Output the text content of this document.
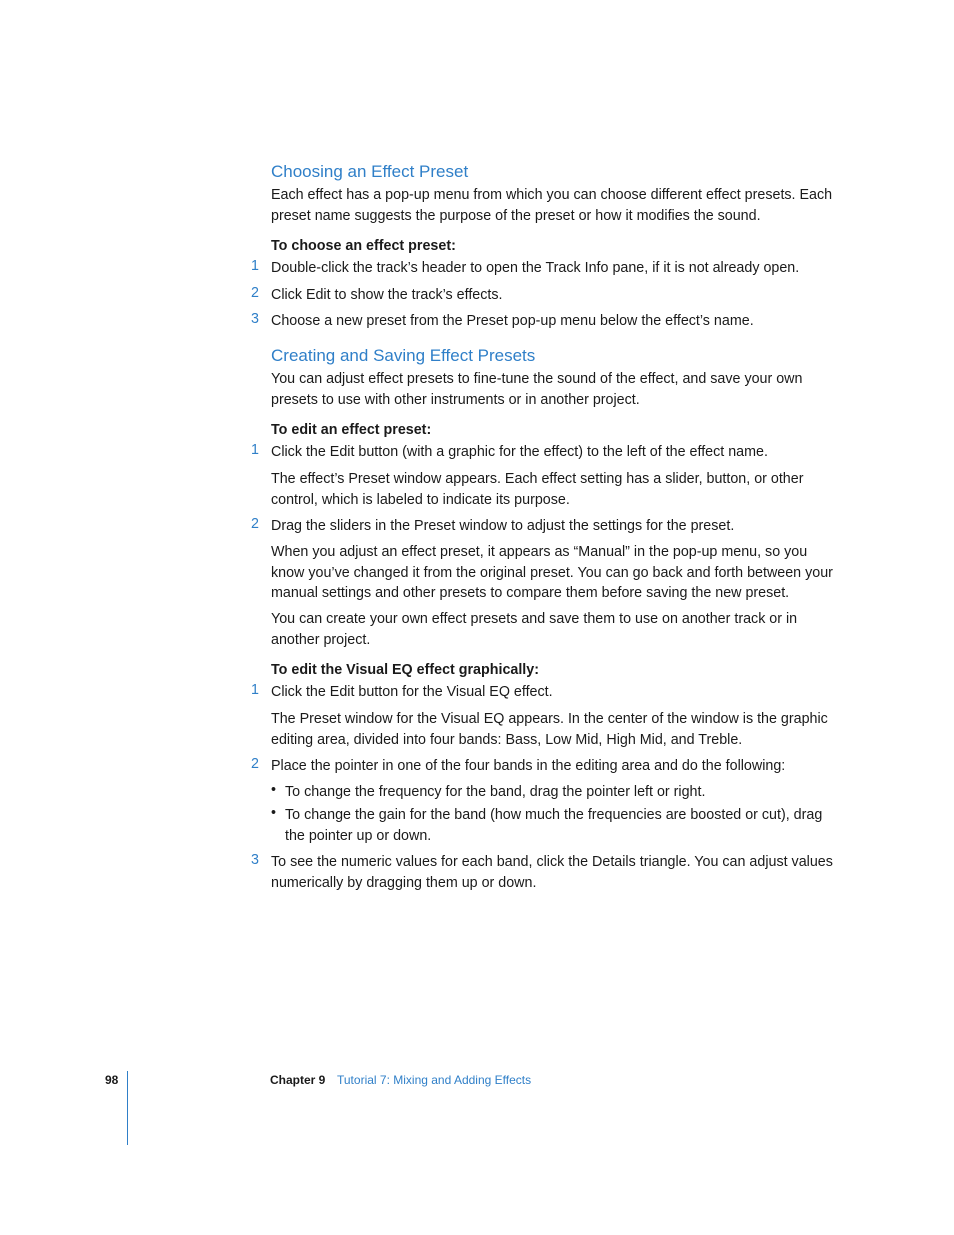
Choosing an Effect Preset
Each effect has a pop-up menu from which you can choose different effect presets. Each preset name suggests the purpose of the preset or how it modifies the sound.
To choose an effect preset:
1 Double-click the track’s header to open the Track Info pane, if it is not already open.
2 Click Edit to show the track’s effects.
3 Choose a new preset from the Preset pop-up menu below the effect’s name.
Creating and Saving Effect Presets
You can adjust effect presets to fine-tune the sound of the effect, and save your own presets to use with other instruments or in another project.
To edit an effect preset:
1 Click the Edit button (with a graphic for the effect) to the left of the effect name.
The effect’s Preset window appears. Each effect setting has a slider, button, or other control, which is labeled to indicate its purpose.
2 Drag the sliders in the Preset window to adjust the settings for the preset.
When you adjust an effect preset, it appears as “Manual” in the pop-up menu, so you know you’ve changed it from the original preset. You can go back and forth between your manual settings and other presets to compare them before saving the new preset.
You can create your own effect presets and save them to use on another track or in another project.
To edit the Visual EQ effect graphically:
1 Click the Edit button for the Visual EQ effect.
The Preset window for the Visual EQ appears. In the center of the window is the graphic editing area, divided into four bands: Bass, Low Mid, High Mid, and Treble.
2 Place the pointer in one of the four bands in the editing area and do the following:
• To change the frequency for the band, drag the pointer left or right.
• To change the gain for the band (how much the frequencies are boosted or cut), drag the pointer up or down.
3 To see the numeric values for each band, click the Details triangle. You can adjust values numerically by dragging them up or down.
98	Chapter 9 Tutorial 7: Mixing and Adding Effects
